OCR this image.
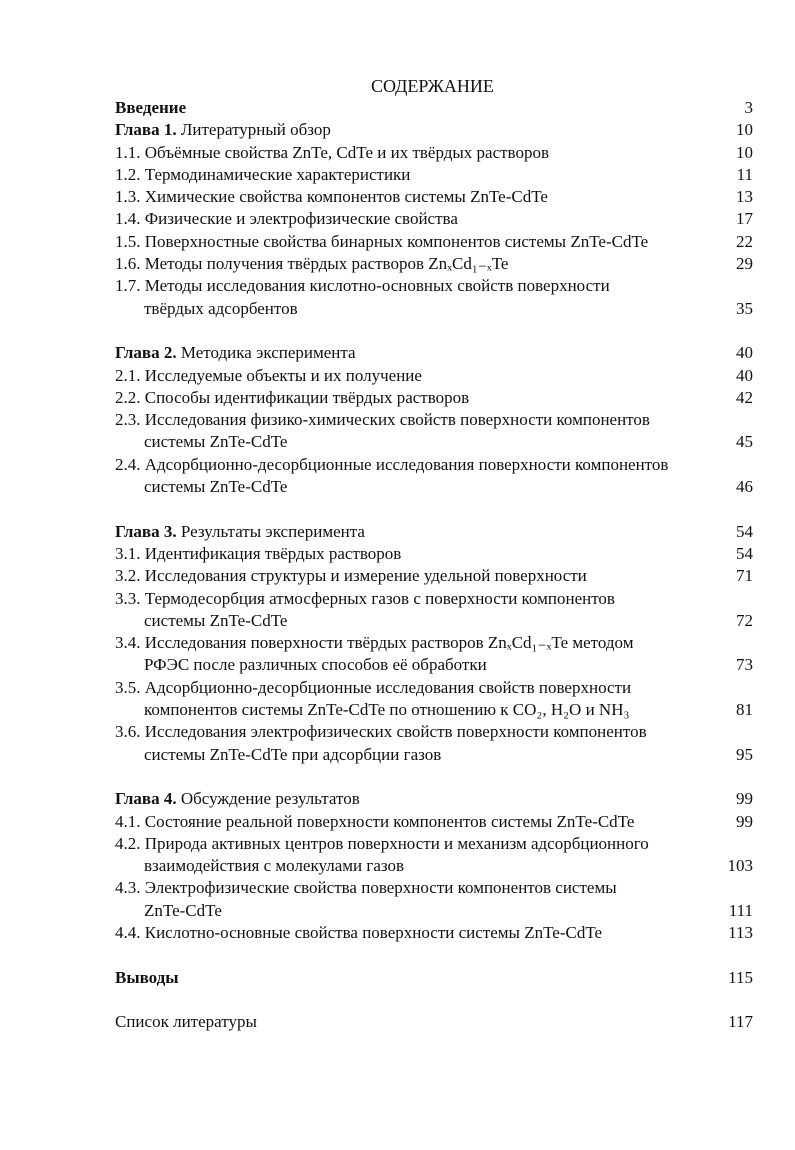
СОДЕРЖАНИЕ
Введение	3
Глава 1. Литературный обзор	10
1.1. Объёмные свойства ZnTe, CdTe и их твёрдых растворов	10
1.2. Термодинамические характеристики	11
1.3. Химические свойства компонентов системы ZnTe-CdTe	13
1.4. Физические и электрофизические свойства	17
1.5. Поверхностные свойства бинарных компонентов системы ZnTe-CdTe	22
1.6. Методы получения твёрдых растворов ZnₓCd₁₋ₓTe	29
1.7. Методы исследования кислотно-основных свойств поверхности
твёрдых адсорбентов	35
Глава 2. Методика эксперимента	40
2.1. Исследуемые объекты и их получение	40
2.2. Способы идентификации твёрдых растворов	42
2.3. Исследования физико-химических свойств поверхности компонентов
системы ZnTe-CdTe	45
2.4. Адсорбционно-десорбционные исследования поверхности компонентов
системы ZnTe-CdTe	46
Глава 3. Результаты эксперимента	54
3.1. Идентификация твёрдых растворов	54
3.2. Исследования структуры и измерение удельной поверхности	71
3.3. Термодесорбция атмосферных газов с поверхности компонентов
системы ZnTe-CdTe	72
3.4. Исследования поверхности твёрдых растворов ZnₓCd₁₋ₓTe методом
РФЭС после различных способов её обработки	73
3.5. Адсорбционно-десорбционные исследования свойств поверхности
компонентов системы ZnTe-CdTe по отношению к CO₂, H₂O и NH₃	81
3.6. Исследования электрофизических свойств поверхности компонентов
системы ZnTe-CdTe при адсорбции газов	95
Глава 4. Обсуждение результатов	99
4.1. Состояние реальной поверхности компонентов системы ZnTe-CdTe	99
4.2. Природа активных центров поверхности и механизм адсорбционного
взаимодействия с молекулами газов	103
4.3. Электрофизические свойства поверхности компонентов системы
ZnTe-CdTe	111
4.4. Кислотно-основные свойства поверхности системы ZnTe-CdTe	113
Выводы	115
Список литературы	117
